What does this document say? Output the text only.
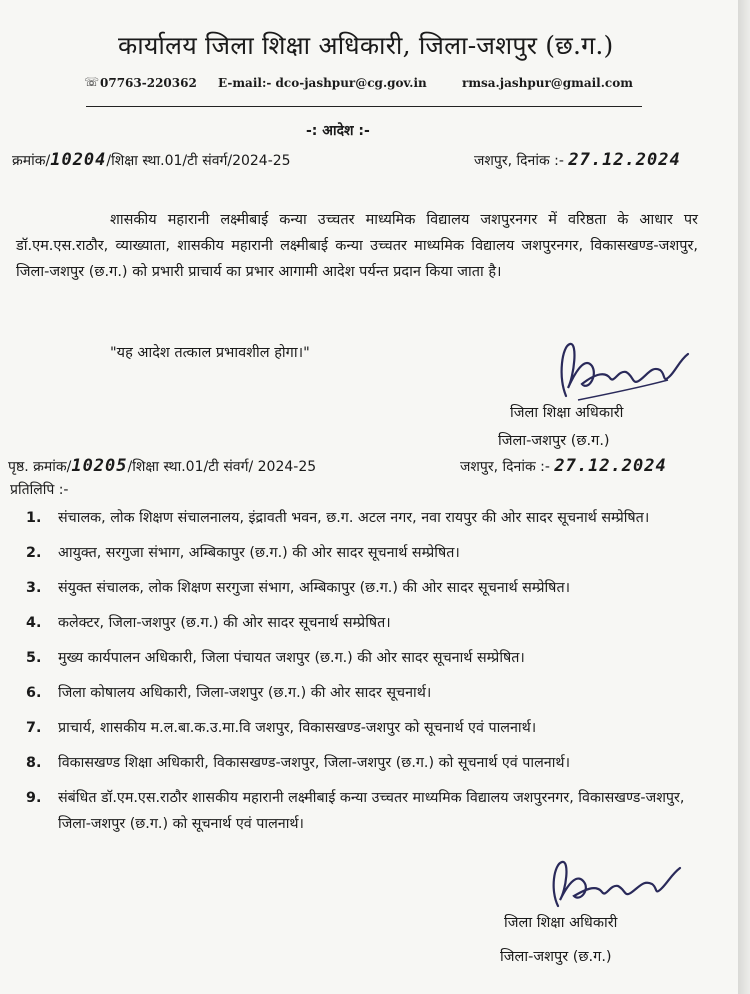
कार्यालय जिला शिक्षा अधिकारी, जिला-जशपुर (छ.ग.)
☏ 07763-220362 E-mail:- dco-jashpur@cg.gov.in	rmsa.jashpur@gmail.com
-: आदेश :-
क्रमांक/10204/शिक्षा स्था.01/टी संवर्ग/2024-25	जशपुर, दिनांक :- 27.12.2024
शासकीय महारानी लक्ष्मीबाई कन्या उच्चतर माध्यमिक विद्यालय जशपुरनगर में वरिष्ठता के आधार पर डॉ.एम.एस.राठौर, व्याख्याता, शासकीय महारानी लक्ष्मीबाई कन्या उच्चतर माध्यमिक विद्यालय जशपुरनगर, विकासखण्ड-जशपुर, जिला-जशपुर (छ.ग.) को प्रभारी प्राचार्य का प्रभार आगामी आदेश पर्यन्त प्रदान किया जाता है।
"यह आदेश तत्काल प्रभावशील होगा।"
जिला शिक्षा अधिकारी
जिला-जशपुर (छ.ग.)
पृष्ठ. क्रमांक/10205/शिक्षा स्था.01/टी संवर्ग/ 2024-25	जशपुर, दिनांक :- 27.12.2024
प्रतिलिपि :-
1. संचालक, लोक शिक्षण संचालनालय, इंद्रावती भवन, छ.ग. अटल नगर, नवा रायपुर की ओर सादर सूचनार्थ सम्प्रेषित।
2. आयुक्त, सरगुजा संभाग, अम्बिकापुर (छ.ग.) की ओर सादर सूचनार्थ सम्प्रेषित।
3. संयुक्त संचालक, लोक शिक्षण सरगुजा संभाग, अम्बिकापुर (छ.ग.) की ओर सादर सूचनार्थ सम्प्रेषित।
4. कलेक्टर, जिला-जशपुर (छ.ग.) की ओर सादर सूचनार्थ सम्प्रेषित।
5. मुख्य कार्यपालन अधिकारी, जिला पंचायत जशपुर (छ.ग.) की ओर सादर सूचनार्थ सम्प्रेषित।
6. जिला कोषालय अधिकारी, जिला-जशपुर (छ.ग.) की ओर सादर सूचनार्थ।
7. प्राचार्य, शासकीय म.ल.बा.क.उ.मा.वि जशपुर, विकासखण्ड-जशपुर को सूचनार्थ एवं पालनार्थ।
8. विकासखण्ड शिक्षा अधिकारी, विकासखण्ड-जशपुर, जिला-जशपुर (छ.ग.) को सूचनार्थ एवं पालनार्थ।
9. संबंधित डॉ.एम.एस.राठौर शासकीय महारानी लक्ष्मीबाई कन्या उच्चतर माध्यमिक विद्यालय जशपुरनगर, विकासखण्ड-जशपुर, जिला-जशपुर (छ.ग.) को सूचनार्थ एवं पालनार्थ।
जिला शिक्षा अधिकारी
जिला-जशपुर (छ.ग.)
